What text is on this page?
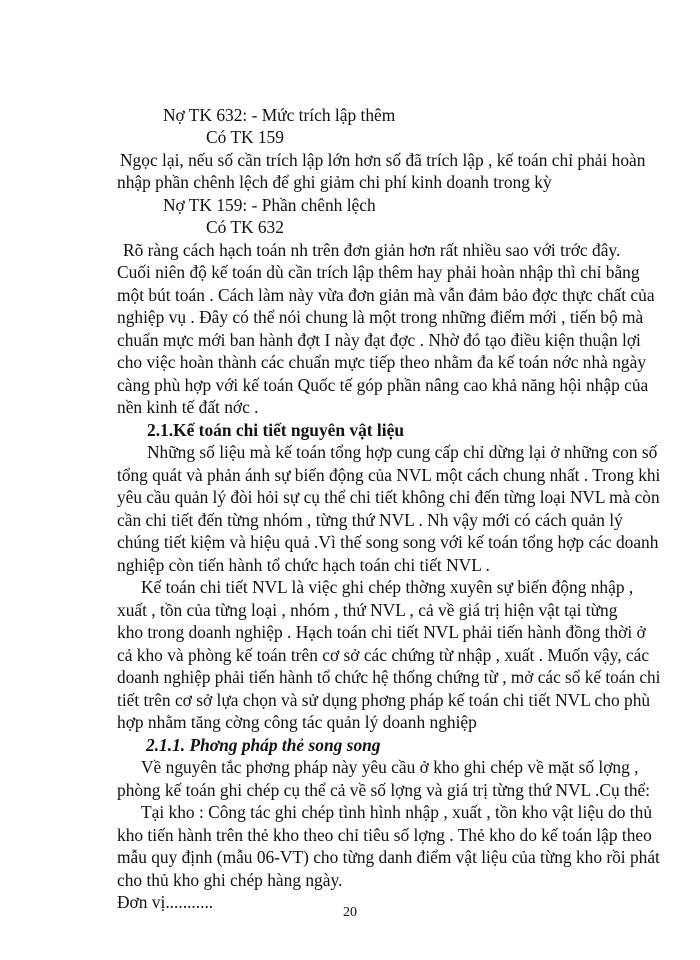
Nợ TK 632: - Mức trích lập thêm
Có TK 159
Ngọc lại, nếu số cần trích lập lớn hơn số đã trích lập , kế toán chỉ phải hoàn
nhập phần chênh lệch để ghi giảm chi phí kinh doanh trong kỳ
Nợ TK 159: - Phần chênh lệch
Có TK 632
Rõ ràng cách hạch toán nh trên đơn giản hơn rất nhiều sao với trớc đây.
Cuối niên độ kế toán dù cần trích lập thêm hay phải hoàn nhập thì chỉ bằng
một bút toán . Cách làm này vừa đơn giản mà vẫn đảm bảo đợc thực chất của
nghiệp vụ . Đây có thể nói chung là một trong những điểm mới , tiến bộ mà
chuẩn mực mới ban hành đợt I này đạt đợc . Nhờ đó tạo điều kiện thuận lợi
cho việc hoàn thành các chuẩn mực tiếp theo nhằm đa kế toán nớc nhà ngày
càng phù hợp với kế toán Quốc tế góp phần nâng cao khả năng hội nhập của
nền kinh tế đất nớc .
2.1.Kế toán chi tiết nguyên vật liệu
Những số liệu mà kế toán tổng hợp cung cấp chỉ dừng lại ở những con số
tổng quát và phản ánh sự biến động của NVL một cách chung nhất . Trong khi
yêu cầu quản lý đòi hỏi sự cụ thể chi tiết không chỉ đến từng loại NVL mà còn
cần chi tiết đến từng nhóm , từng thứ NVL . Nh vậy mới có cách quản lý
chúng tiết kiệm và hiệu quả .Vì thế song song với kế toán tổng hợp các doanh
nghiệp còn tiến hành tổ chức hạch toán chi tiết NVL .
Kế toán chi tiết NVL là việc ghi chép thờng xuyên sự biến động nhập ,
xuất , tồn của từng loại , nhóm , thứ NVL , cả về giá trị hiện vật tại từng
kho trong doanh nghiệp . Hạch toán chi tiết NVL phải tiến hành đồng thời ở
cả kho và phòng kế toán trên cơ sở các chứng từ nhập , xuất . Muốn vậy, các
doanh nghiệp phải tiến hành tổ chức hệ thống chứng từ , mở các sổ kế toán chi
tiết trên cơ sở lựa chọn và sử dụng phơng pháp kế toán chi tiết NVL cho phù
hợp nhằm tăng cờng công tác quản lý doanh nghiệp
2.1.1. Phơng pháp thẻ song song
Về nguyên tắc phơng pháp này yêu cầu ở kho ghi chép về mặt số lợng ,
phòng kế toán ghi chép cụ thể cả về số lợng và giá trị từng thứ NVL .Cụ thể:
Tại kho : Công tác ghi chép tình hình nhập , xuất , tồn kho vật liệu do thủ
kho tiến hành trên thẻ kho theo chỉ tiêu số lợng . Thẻ kho do kế toán lập theo
mẫu quy định (mẫu 06-VT) cho từng danh điểm vật liệu của từng kho rồi phát
cho thủ kho ghi chép hàng ngày.
Đơn vị...........
20
